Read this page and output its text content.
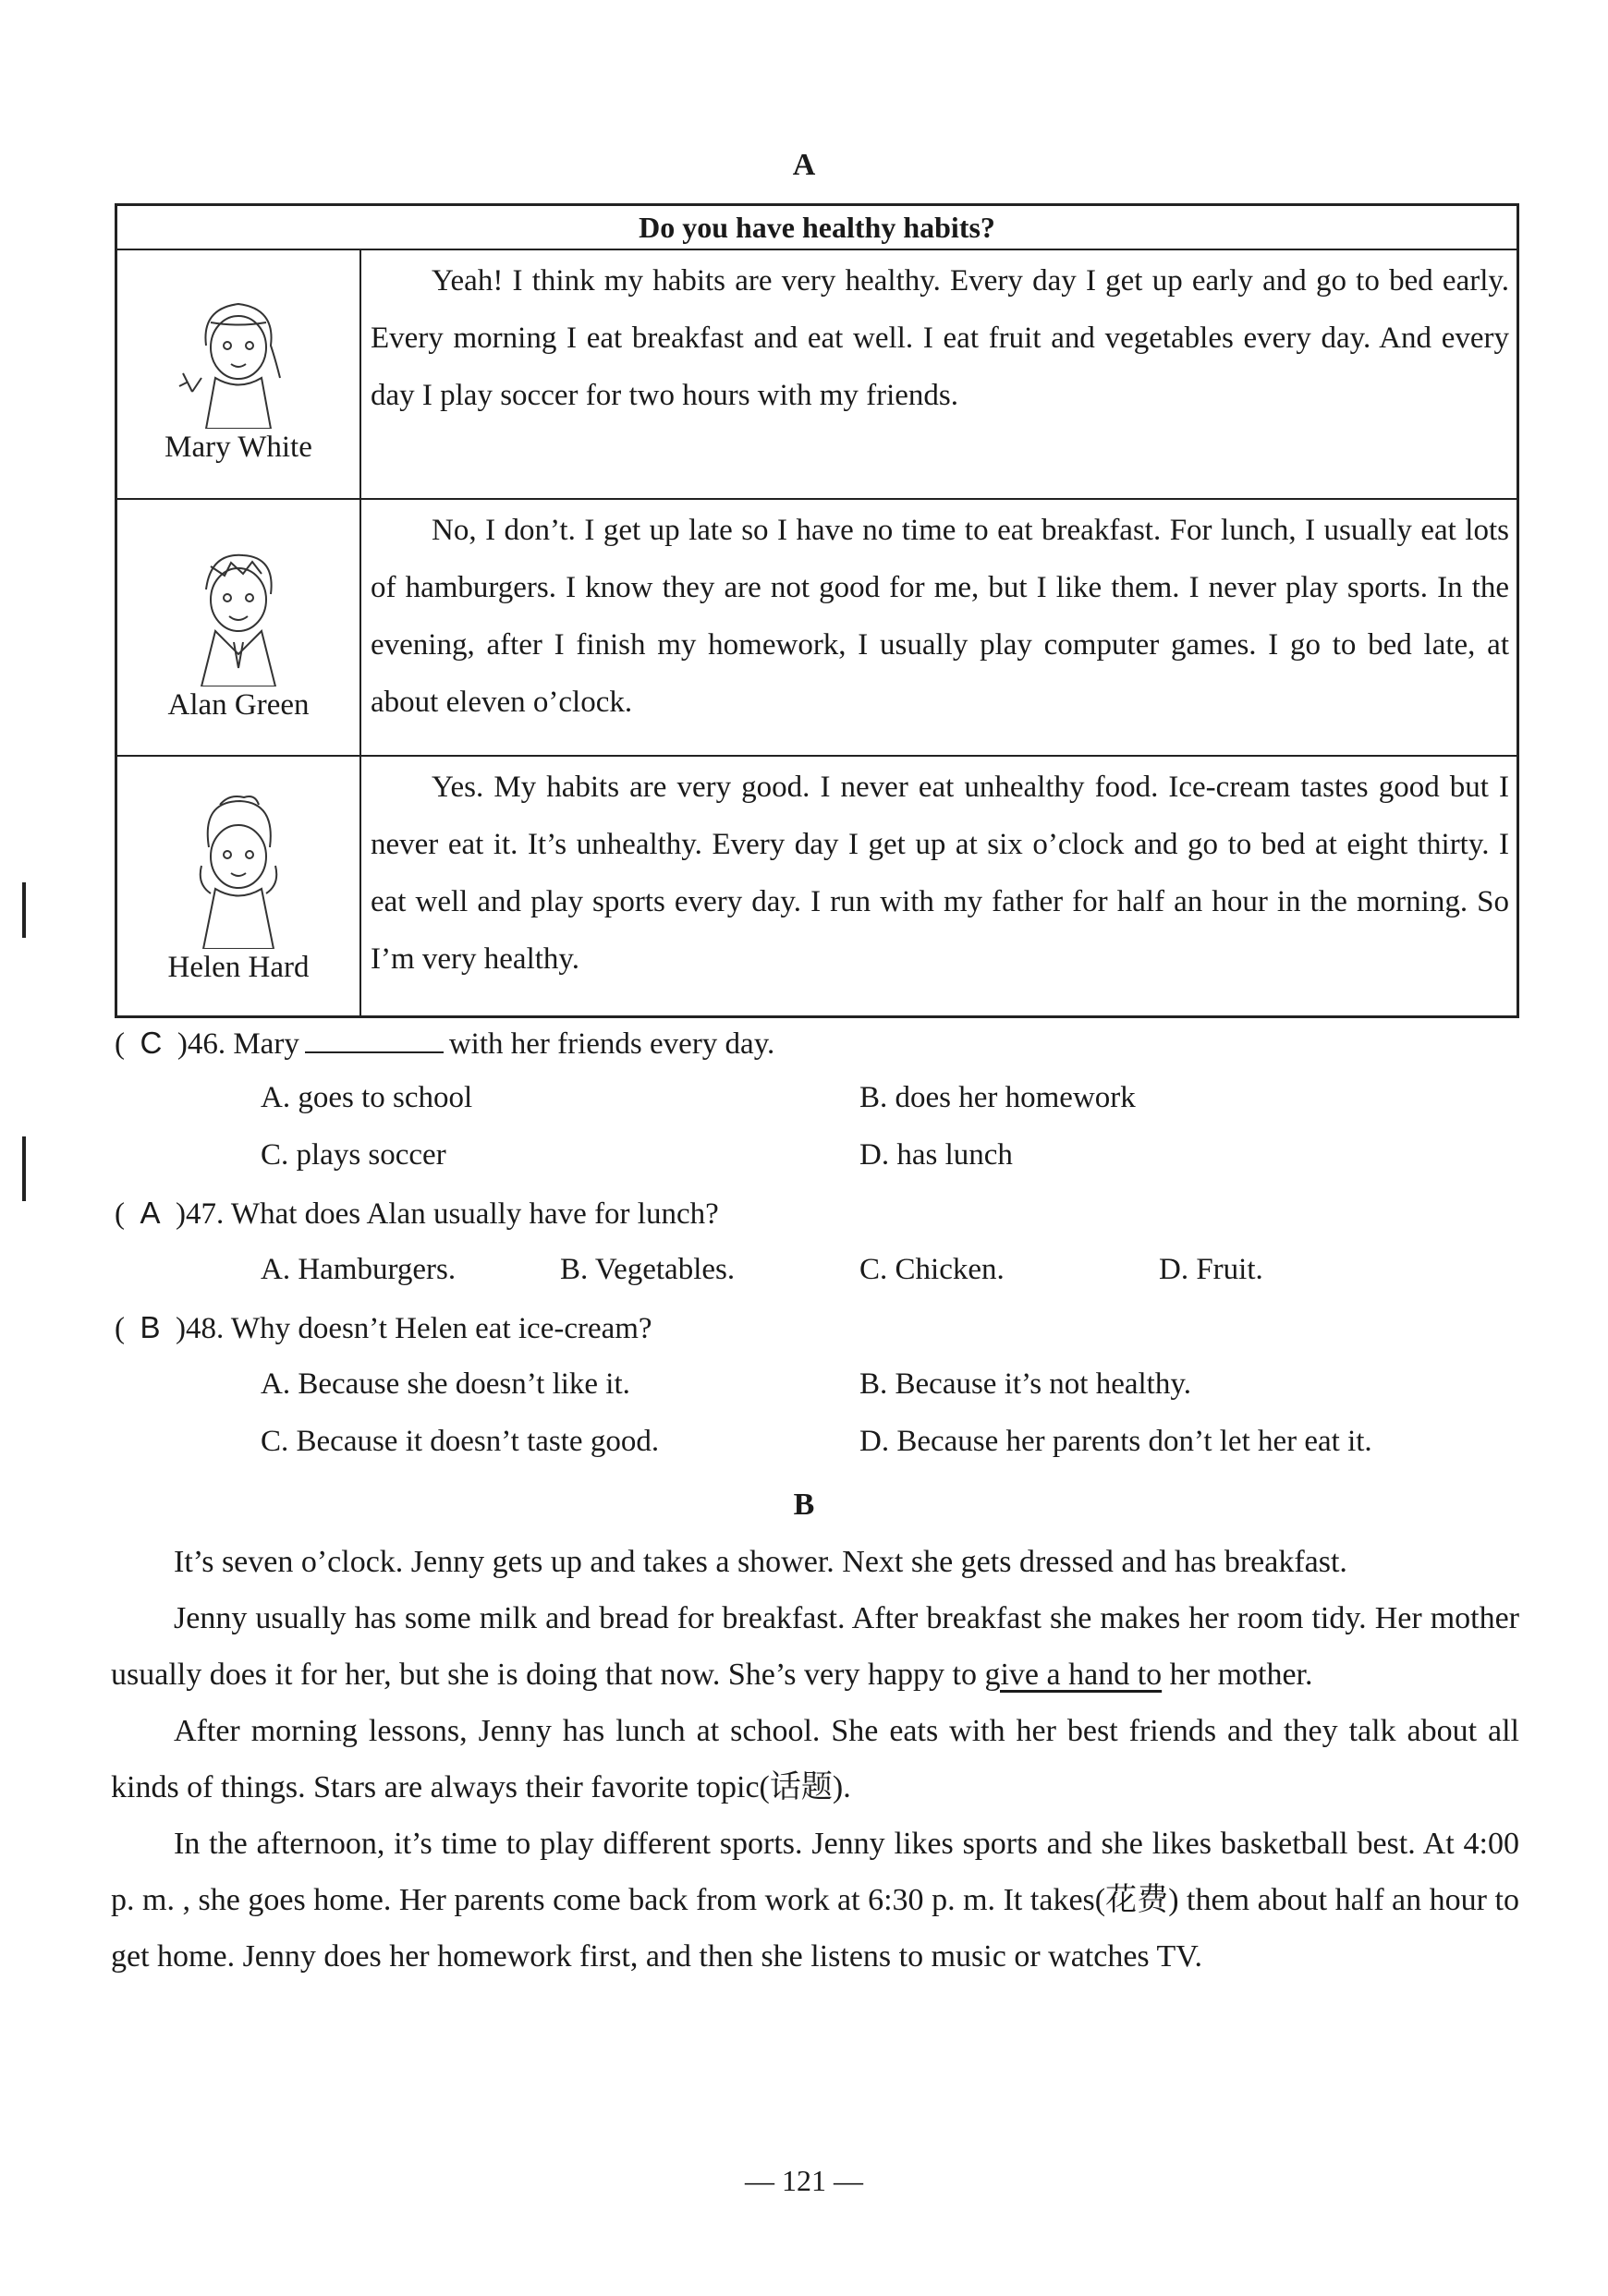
A
Do you have healthy habits?	

Mary White	Yeah! I think my habits are very healthy. Every day I get up early and go to bed early. Every morning I eat breakfast and eat well. I eat fruit and vegetables every day. And every day I play soccer for two hours with my friends.

Alan Green	No, I don’t. I get up late so I have no time to eat breakfast. For lunch, I usually eat lots of hamburgers. I know they are not good for me, but I like them. I never play sports. In the evening, after I finish my homework, I usually play computer games. I go to bed late, at about eleven o’clock.

Helen Hard	Yes. My habits are very good. I never eat unhealthy food. Ice-cream tastes good but I never eat it. It’s unhealthy. Every day I get up at six o’clock and go to bed at eight thirty. I eat well and play sports every day. I run with my father for half an hour in the morning. So I’m very healthy.
(  C  )46. Mary	with her friends every day.
A. goes to school	B. does her homework
C. plays soccer	D. has lunch
(  A  )47. What does Alan usually have for lunch?
A. Hamburgers.	B. Vegetables.	C. Chicken.	D. Fruit.
(  B  )48. Why doesn’t Helen eat ice-cream?
A. Because she doesn’t like it.	B. Because it’s not healthy.
C. Because it doesn’t taste good.	D. Because her parents don’t let her eat it.
B

It’s seven o’clock. Jenny gets up and takes a shower. Next she gets dressed and has breakfast.

Jenny usually has some milk and bread for breakfast. After breakfast she makes her room tidy. Her mother usually does it for her, but she is doing that now. She’s very happy to give a hand to her mother.

After morning lessons, Jenny has lunch at school. She eats with her best friends and they talk about all kinds of things. Stars are always their favorite topic(话题).

In the afternoon, it’s time to play different sports. Jenny likes sports and she likes basketball best. At 4:00 p. m. , she goes home. Her parents come back from work at 6:30 p. m. It takes(花费) them about half an hour to get home. Jenny does her homework first, and then she listens to music or watches TV.

— 121 —
